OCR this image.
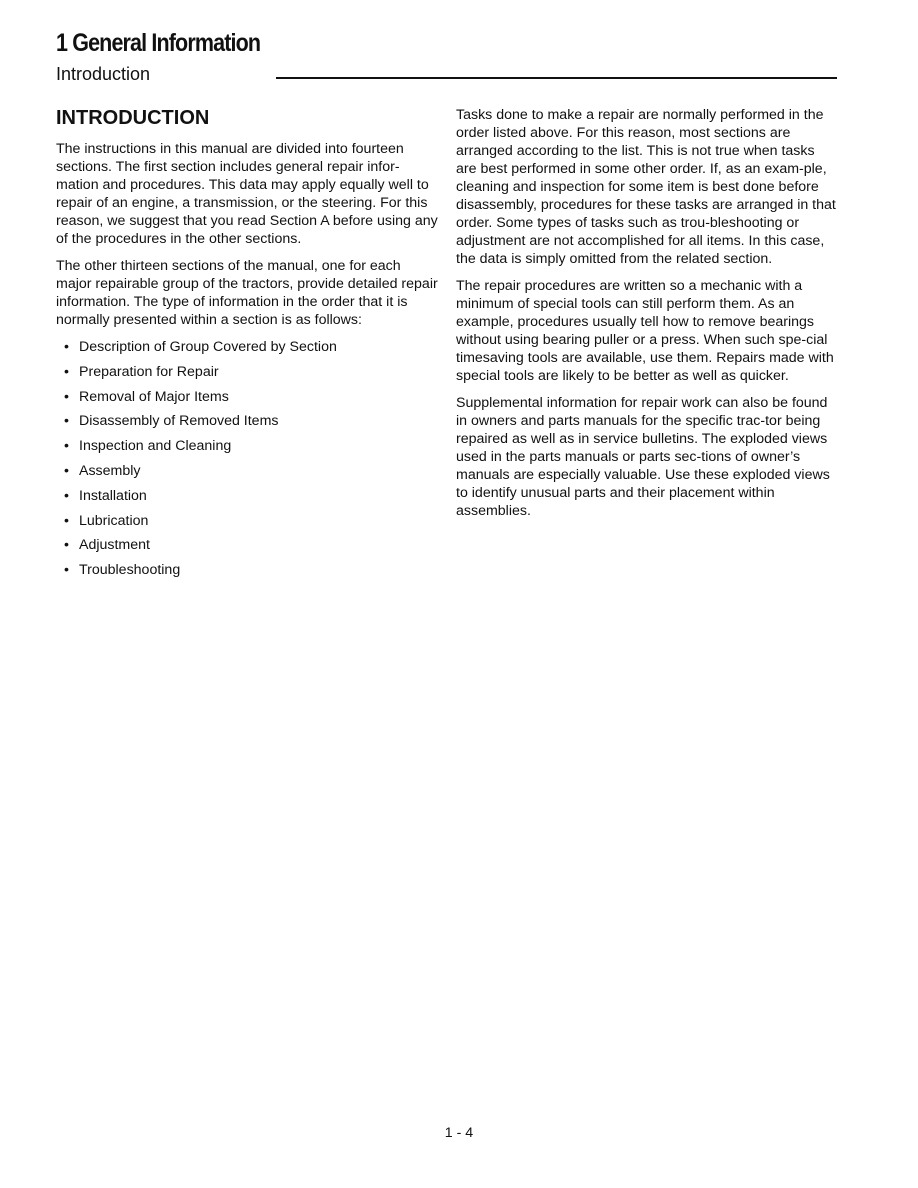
1 General Information
Introduction
INTRODUCTION

The instructions in this manual are divided into fourteen sections. The first section includes general repair infor-mation and procedures. This data may apply equally well to repair of an engine, a transmission, or the steering. For this reason, we suggest that you read Section A before using any of the procedures in the other sections.

The other thirteen sections of the manual, one for each major repairable group of the tractors, provide detailed repair information. The type of information in the order that it is normally presented within a section is as follows:

• Description of Group Covered by Section
• Preparation for Repair
• Removal of Major Items
• Disassembly of Removed Items
• Inspection and Cleaning
• Assembly
• Installation
• Lubrication
• Adjustment
• Troubleshooting

Tasks done to make a repair are normally performed in the order listed above. For this reason, most sections are arranged according to the list. This is not true when tasks are best performed in some other order. If, as an exam-ple, cleaning and inspection for some item is best done before disassembly, procedures for these tasks are arranged in that order. Some types of tasks such as trou-bleshooting or adjustment are not accomplished for all items. In this case, the data is simply omitted from the related section.

The repair procedures are written so a mechanic with a minimum of special tools can still perform them. As an example, procedures usually tell how to remove bearings without using bearing puller or a press. When such spe-cial timesaving tools are available, use them. Repairs made with special tools are likely to be better as well as quicker.

Supplemental information for repair work can also be found in owners and parts manuals for the specific trac-tor being repaired as well as in service bulletins. The exploded views used in the parts manuals or parts sec-tions of owner’s manuals are especially valuable. Use these exploded views to identify unusual parts and their placement within assemblies.

1 - 4
